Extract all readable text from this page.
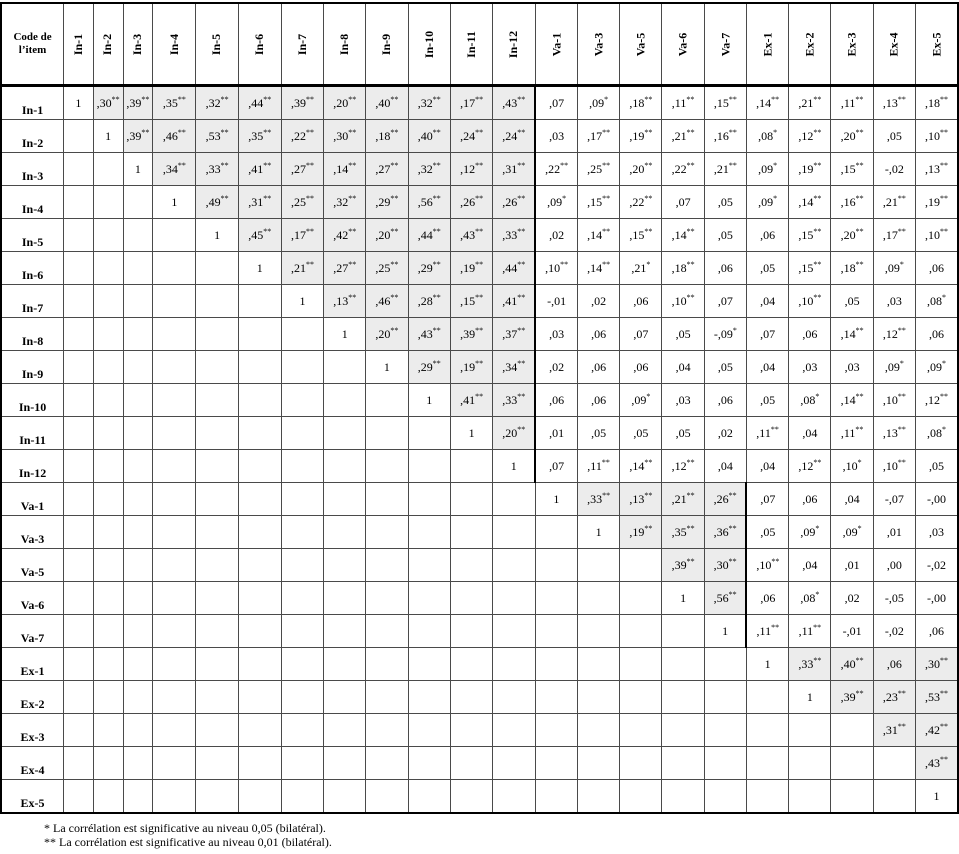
Code de l’item	In-1	In-2	In-3	In-4	In-5	In-6	In-7	In-8	In-9	In-10	In-11	In-12	Va-1	Va-3	Va-5	Va-6	Va-7	Ex-1	Ex-2	Ex-3	Ex-4	Ex-5
In-1	1	,30**	,39**	,35**	,32**	,44**	,39**	,20**	,40**	,32**	,17**	,43**	,07	,09*	,18**	,11**	,15**	,14**	,21**	,11**	,13**	,18**
In-2		1	,39**	,46**	,53**	,35**	,22**	,30**	,18**	,40**	,24**	,24**	,03	,17**	,19**	,21**	,16**	,08*	,12**	,20**	,05	,10**
In-3			1	,34**	,33**	,41**	,27**	,14**	,27**	,32**	,12**	,31**	,22**	,25**	,20**	,22**	,21**	,09*	,19**	,15**	-,02	,13**
In-4				1	,49**	,31**	,25**	,32**	,29**	,56**	,26**	,26**	,09*	,15**	,22**	,07	,05	,09*	,14**	,16**	,21**	,19**
In-5					1	,45**	,17**	,42**	,20**	,44**	,43**	,33**	,02	,14**	,15**	,14**	,05	,06	,15**	,20**	,17**	,10**
In-6						1	,21**	,27**	,25**	,29**	,19**	,44**	,10**	,14**	,21*	,18**	,06	,05	,15**	,18**	,09*	,06
In-7							1	,13**	,46**	,28**	,15**	,41**	-,01	,02	,06	,10**	,07	,04	,10**	,05	,03	,08*
In-8								1	,20**	,43**	,39**	,37**	,03	,06	,07	,05	-,09*	,07	,06	,14**	,12**	,06
In-9									1	,29**	,19**	,34**	,02	,06	,06	,04	,05	,04	,03	,03	,09*	,09*
In-10										1	,41**	,33**	,06	,06	,09*	,03	,06	,05	,08*	,14**	,10**	,12**
In-11											1	,20**	,01	,05	,05	,05	,02	,11**	,04	,11**	,13**	,08*
In-12												1	,07	,11**	,14**	,12**	,04	,04	,12**	,10*	,10**	,05
Va-1													1	,33**	,13**	,21**	,26**	,07	,06	,04	-,07	-,00
Va-3														1	,19**	,35**	,36**	,05	,09*	,09*	,01	,03
Va-5																,39**	,30**	,10**	,04	,01	,00	-,02
Va-6																1	,56**	,06	,08*	,02	-,05	-,00
Va-7																	1	,11**	,11**	-,01	-,02	,06
Ex-1																		1	,33**	,40**	,06	,30**
Ex-2																			1	,39**	,23**	,53**
Ex-3																					,31**	,42**
Ex-4																						,43**
Ex-5																						1
* La corrélation est significative au niveau 0,05 (bilatéral).
** La corrélation est significative au niveau 0,01 (bilatéral).
